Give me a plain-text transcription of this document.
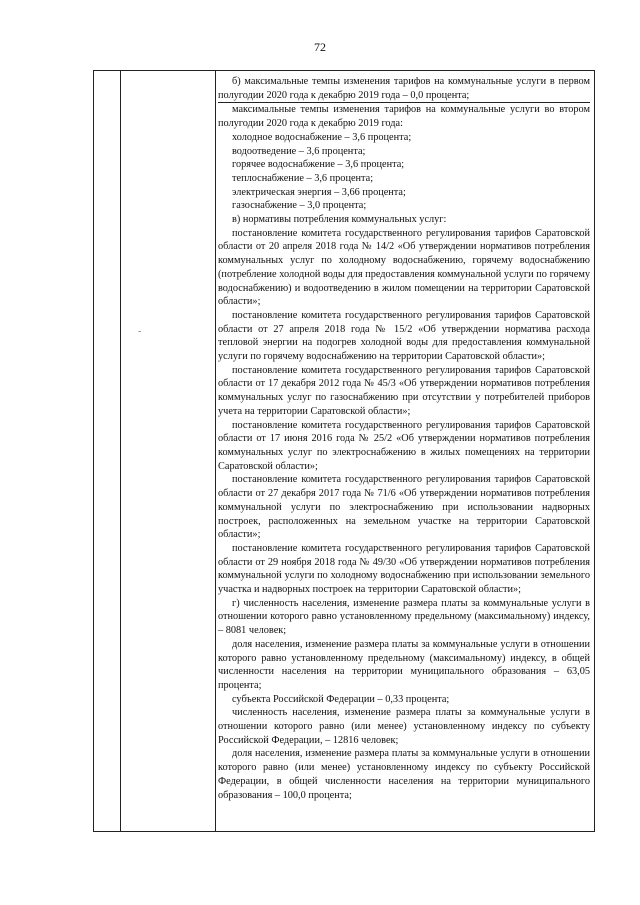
72
-

б) максимальные темпы изменения тарифов на коммунальные услуги в первом полугодии 2020 года к декабрю 2019 года – 0,0 процента;

максимальные темпы изменения тарифов на коммунальные услуги во втором полугодии 2020 года к декабрю 2019 года:

холодное водоснабжение – 3,6 процента;

водоотведение – 3,6 процента;

горячее водоснабжение – 3,6 процента;

теплоснабжение – 3,6 процента;

электрическая энергия – 3,66 процента;

газоснабжение – 3,0 процента;

в) нормативы потребления коммунальных услуг:

постановление комитета государственного регулирования тарифов Саратовской области от 20 апреля 2018 года № 14/2 «Об утверждении нормативов потребления коммунальных услуг по холодному водоснабжению, горячему водоснабжению (потребление холодной воды для предоставления коммунальной услуги по горячему водоснабжению) и водоотведению в жилом помещении на территории Саратовской области»;

постановление комитета государственного регулирования тарифов Саратовской области от 27 апреля 2018 года № 15/2 «Об утверждении норматива расхода тепловой энергии на подогрев холодной воды для предоставления коммунальной услуги по горячему водоснабжению на территории Саратовской области»;

постановление комитета государственного регулирования тарифов Саратовской области от 17 декабря 2012 года № 45/3 «Об утверждении нормативов потребления коммунальных услуг по газоснабжению при отсутствии у потребителей приборов учета на территории Саратовской области»;

постановление комитета государственного регулирования тарифов Саратовской области от 17 июня 2016 года № 25/2 «Об утверждении нормативов потребления коммунальных услуг по электроснабжению в жилых помещениях на территории Саратовской области»;

постановление комитета государственного регулирования тарифов Саратовской области от 27 декабря 2017 года № 71/6 «Об утверждении нормативов потребления коммунальной услуги по электроснабжению при использовании надворных построек, расположенных на земельном участке на территории Саратовской области»;

постановление комитета государственного регулирования тарифов Саратовской области от 29 ноября 2018 года № 49/30 «Об утверждении нормативов потребления коммунальной услуги по холодному водоснабжению при использовании земельного участка и надворных построек на территории Саратовской области»;

г) численность населения, изменение размера платы за коммунальные услуги в отношении которого равно установленному предельному (максимальному) индексу, – 8081 человек;

доля населения, изменение размера платы за коммунальные услуги в отношении которого равно установленному предельному (максимальному) индексу, в общей численности населения на территории муниципального образования – 63,05 процента;

субъекта Российской Федерации – 0,33 процента;

численность населения, изменение размера платы за коммунальные услуги в отношении которого равно (или менее) установленному индексу по субъекту Российской Федерации, – 12816 человек;

доля населения, изменение размера платы за коммунальные услуги в отношении которого равно (или менее) установленному индексу по субъекту Российской Федерации, в общей численности населения на территории муниципального образования – 100,0 процента;
